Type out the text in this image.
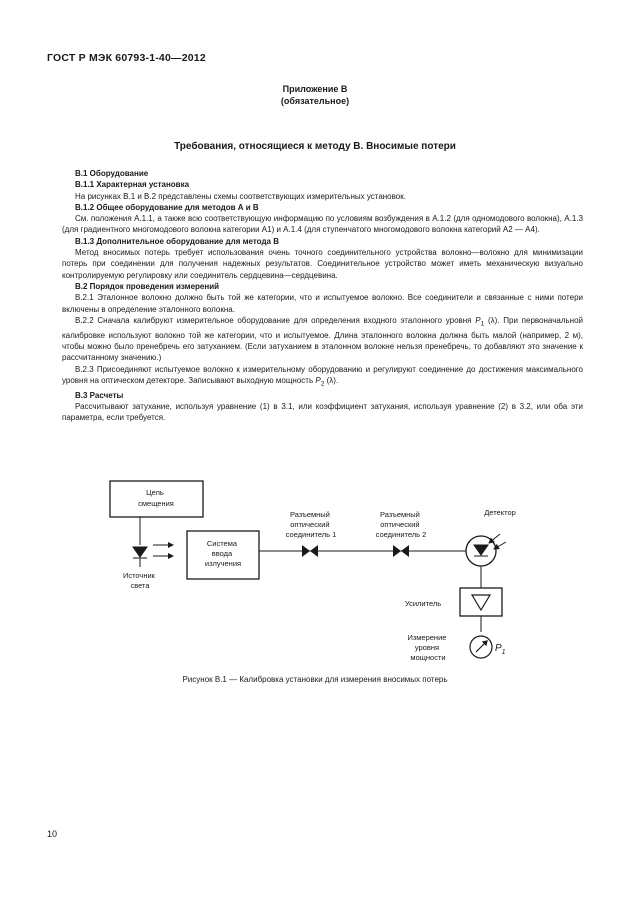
ГОСТ Р МЭК 60793-1-40—2012
Приложение В
(обязательное)
Требования, относящиеся к методу В. Вносимые потери

В.1 Оборудование

В.1.1 Характерная установка

На рисунках В.1 и В.2 представлены схемы соответствующих измерительных установок.

В.1.2 Общее оборудование для методов А и В

См. положения А.1.1, а также всю соответствующую информацию по условиям возбуждения в А.1.2 (для одномодового волокна), А.1.3 (для градиентного многомодового волокна категории А1) и А.1.4 (для ступенчатого многомодового волокна категорий А2 — А4).

В.1.3 Дополнительное оборудование для метода В

Метод вносимых потерь требует использования очень точного соединительного устройства волокно—волокно для минимизации потерь при соединении для получения надежных результатов. Соединительное устройство может иметь механическую визуально контролируемую регулировку или соединитель сердцевина—сердцевина.

В.2 Порядок проведения измерений

В.2.1 Эталонное волокно должно быть той же категории, что и испытуемое волокно. Все соединители и связанные с ними потери включены в определение эталонного волокна.

В.2.2 Сначала калибруют измерительное оборудование для определения входного эталонного уровня $P_1$ (λ). При первоначальной калибровке используют волокно той же категории, что и испытуемое. Длина эталонного волокна должна быть малой (например, 2 м), чтобы можно было пренебречь его затуханием. (Если затуханием в эталонном волокне нельзя пренебречь, то добавляют это значение к рассчитанному значению.)

В.2.3 Присоединяют испытуемое волокно к измерительному оборудованию и регулируют соединение до достижения максимального уровня на оптическом детекторе. Записывают выходную мощность $P_2$ (λ).

В.3 Расчеты

Рассчитывают затухание, используя уравнение (1) в 3.1, или коэффициент затухания, используя уравнение (2) в 3.2, или оба эти параметра, если требуется.

Цепь смещения
Источник света
Система ввода излучения
Разъемный оптический соединитель 1
Разъемный оптический соединитель 2
Детектор
Усилитель
Измерение уровня мощности
$P_1$
Рисунок В.1 — Калибровка установки для измерения вносимых потерь
10
